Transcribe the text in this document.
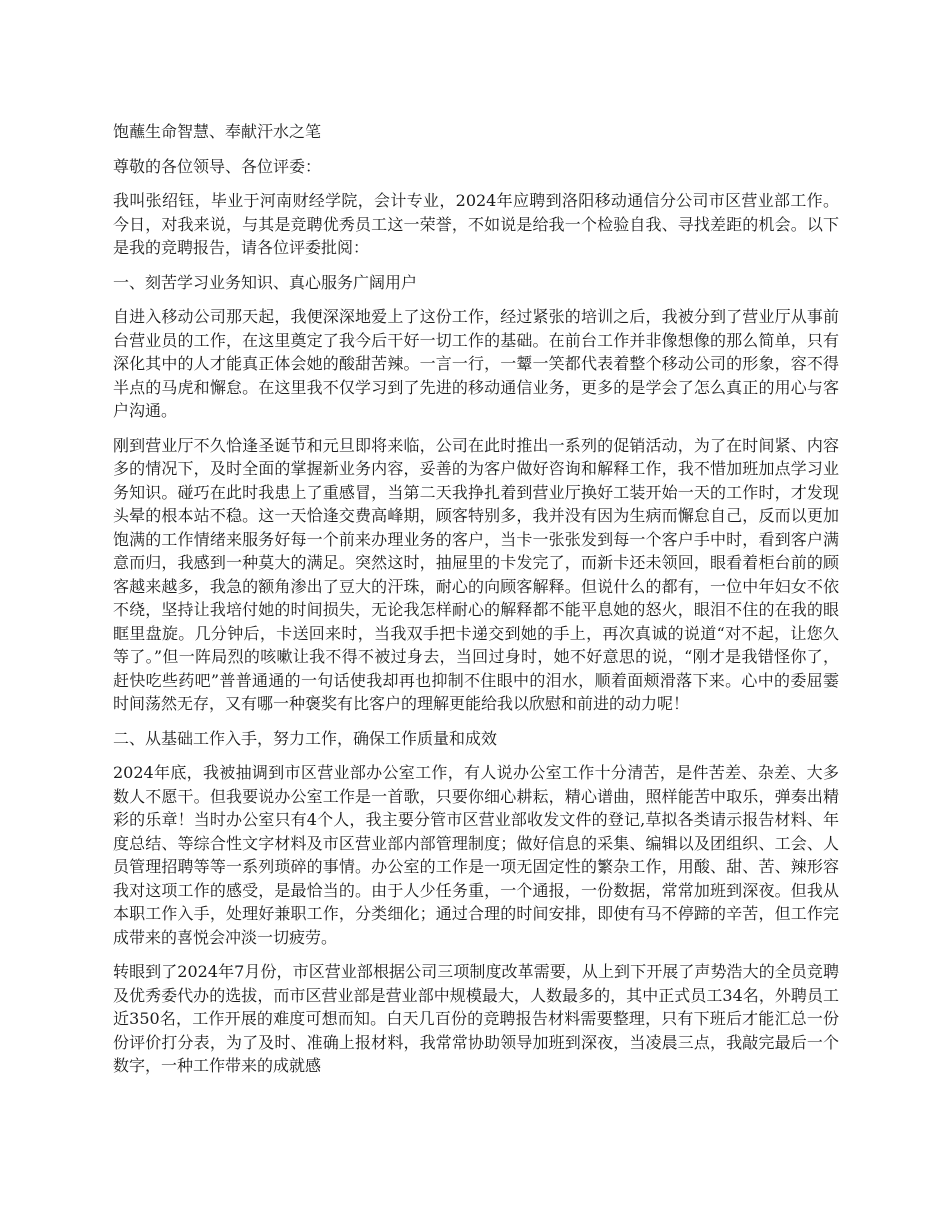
饱蘸生命智慧、奉献汗水之笔

尊敬的各位领导、各位评委：

我叫张绍钰，毕业于河南财经学院，会计专业，2024年应聘到洛阳移动通信分公司市区营业部工作。今日，对我来说，与其是竞聘优秀员工这一荣誉，不如说是给我一个检验自我、寻找差距的机会。以下是我的竞聘报告，请各位评委批阅：

一、刻苦学习业务知识、真心服务广阔用户

自进入移动公司那天起，我便深深地爱上了这份工作，经过紧张的培训之后，我被分到了营业厅从事前台营业员的工作，在这里奠定了我今后干好一切工作的基础。在前台工作并非像想像的那么简单，只有深化其中的人才能真正体会她的酸甜苦辣。一言一行，一颦一笑都代表着整个移动公司的形象，容不得半点的马虎和懈怠。在这里我不仅学习到了先进的移动通信业务，更多的是学会了怎么真正的用心与客户沟通。

刚到营业厅不久恰逢圣诞节和元旦即将来临，公司在此时推出一系列的促销活动，为了在时间紧、内容多的情况下，及时全面的掌握新业务内容，妥善的为客户做好咨询和解释工作，我不惜加班加点学习业务知识。碰巧在此时我患上了重感冒，当第二天我挣扎着到营业厅换好工装开始一天的工作时，才发现头晕的根本站不稳。这一天恰逢交费高峰期，顾客特别多，我并没有因为生病而懈怠自己，反而以更加饱满的工作情绪来服务好每一个前来办理业务的客户，当卡一张张发到每一个客户手中时，看到客户满意而归，我感到一种莫大的满足。突然这时，抽屉里的卡发完了，而新卡还未领回，眼看着柜台前的顾客越来越多，我急的额角渗出了豆大的汗珠，耐心的向顾客解释。但说什么的都有，一位中年妇女不依不绕，坚持让我培付她的时间损失，无论我怎样耐心的解释都不能平息她的怒火，眼泪不住的在我的眼眶里盘旋。几分钟后，卡送回来时，当我双手把卡递交到她的手上，再次真诚的说道“对不起，让您久等了。”但一阵局烈的咳嗽让我不得不被过身去，当回过身时，她不好意思的说，“刚才是我错怪你了，赶快吃些药吧”普普通通的一句话使我却再也抑制不住眼中的泪水，顺着面颊滑落下来。心中的委屈霎时间荡然无存，又有哪一种褒奖有比客户的理解更能给我以欣慰和前进的动力呢！

二、从基础工作入手，努力工作，确保工作质量和成效

2024年底，我被抽调到市区营业部办公室工作，有人说办公室工作十分清苦，是件苦差、杂差、大多数人不愿干。但我要说办公室工作是一首歌，只要你细心耕耘，精心谱曲，照样能苦中取乐，弹奏出精彩的乐章！当时办公室只有4个人，我主要分管市区营业部收发文件的登记,草拟各类请示报告材料、年度总结、等综合性文字材料及市区营业部内部管理制度；做好信息的采集、编辑以及团组织、工会、人员管理招聘等等一系列琐碎的事情。办公室的工作是一项无固定性的繁杂工作，用酸、甜、苦、辣形容我对这项工作的感受，是最恰当的。由于人少任务重，一个通报，一份数据，常常加班到深夜。但我从本职工作入手，处理好兼职工作，分类细化；通过合理的时间安排，即使有马不停蹄的辛苦，但工作完成带来的喜悦会冲淡一切疲劳。

转眼到了2024年7月份，市区营业部根据公司三项制度改革需要，从上到下开展了声势浩大的全员竞聘及优秀委代办的选拔，而市区营业部是营业部中规模最大，人数最多的，其中正式员工34名，外聘员工近350名，工作开展的难度可想而知。白天几百份的竞聘报告材料需要整理，只有下班后才能汇总一份份评价打分表，为了及时、准确上报材料，我常常协助领导加班到深夜，当凌晨三点，我敲完最后一个数字，一种工作带来的成就感
